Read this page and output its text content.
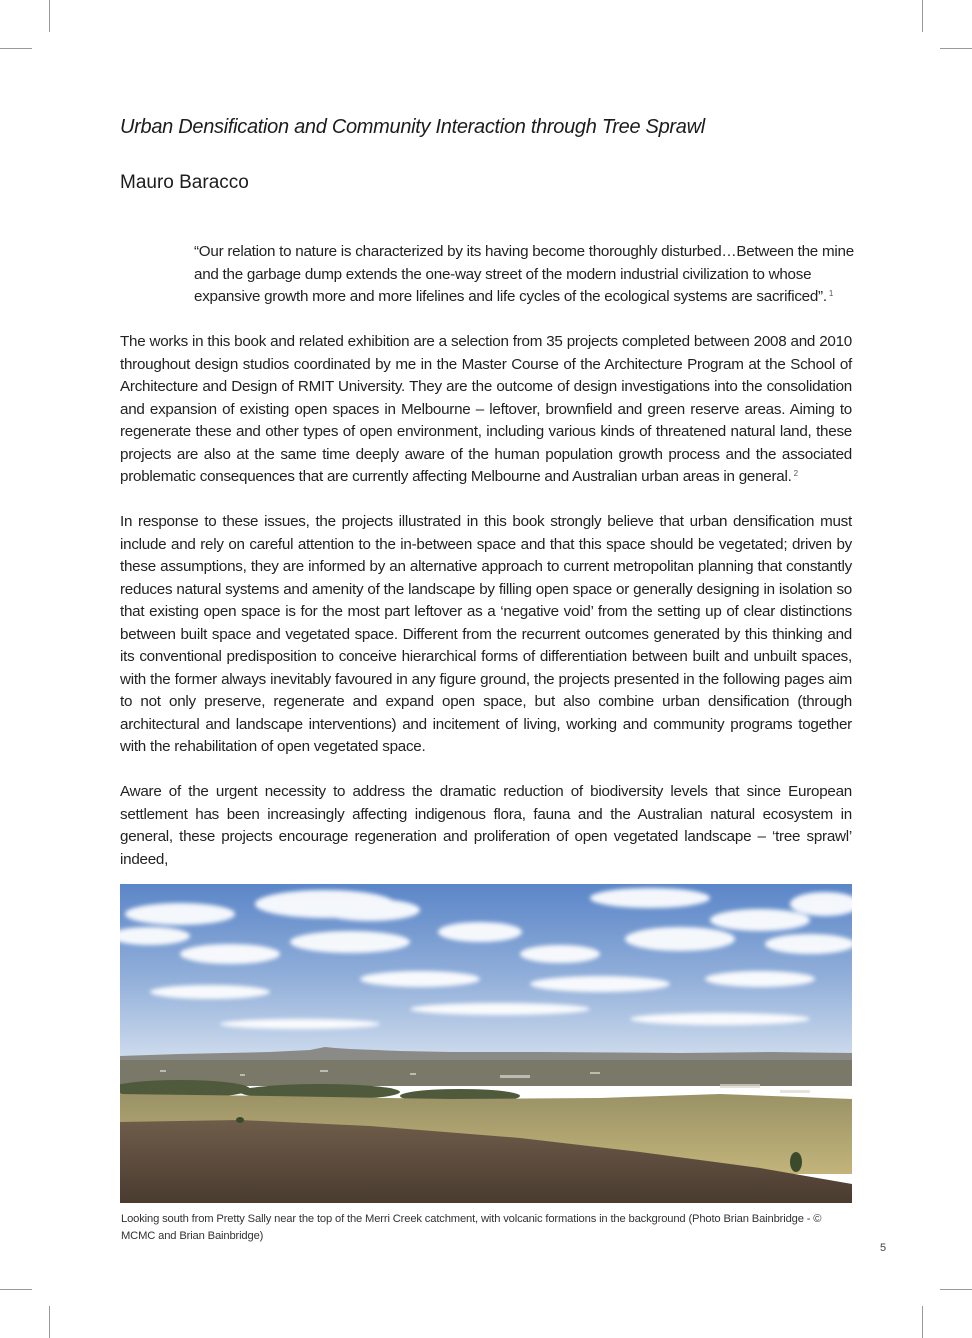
Urban Densification and Community Interaction through Tree Sprawl
Mauro Baracco

“Our relation to nature is characterized by its having become thoroughly disturbed…Between the mine and the garbage dump extends the one-way street of the modern industrial civilization to whose expansive growth more and more lifelines and life cycles of the ecological systems are sacrificed”. $^1$

The works in this book and related exhibition are a selection from 35 projects completed between 2008 and 2010 throughout design studios coordinated by me in the Master Course of the Architecture Program at the School of Architecture and Design of RMIT University. They are the outcome of design investigations into the consolidation and expansion of existing open spaces in Melbourne – leftover, brownfield and green reserve areas. Aiming to regenerate these and other types of open environment, including various kinds of threatened natural land, these projects are also at the same time deeply aware of the human population growth process and the associated problematic consequences that are currently affecting Melbourne and Australian urban areas in general. $^2$

In response to these issues, the projects illustrated in this book strongly believe that urban densification must include and rely on careful attention to the in-between space and that this space should be vegetated; driven by these assumptions, they are informed by an alternative approach to current metropolitan planning that constantly reduces natural systems and amenity of the landscape by filling open space or generally designing in isolation so that existing open space is for the most part leftover as a ‘negative void’ from the setting up of clear distinctions between built space and vegetated space. Different from the recurrent outcomes generated by this thinking and its conventional predisposition to conceive hierarchical forms of differentiation between built and unbuilt spaces, with the former always inevitably favoured in any figure ground, the projects presented in the following pages aim to not only preserve, regenerate and expand open space, but also combine urban densification (through architectural and landscape interventions) and incitement of living, working and community programs together with the rehabilitation of open vegetated space.

Aware of the urgent necessity to address the dramatic reduction of biodiversity levels that since European settlement has been increasingly affecting indigenous flora, fauna and the Australian natural ecosystem in general, these projects encourage regeneration and proliferation of open vegetated landscape – ‘tree sprawl’ indeed,

Looking south from Pretty Sally near the top of the Merri Creek catchment, with volcanic formations in the background (Photo Brian Bainbridge - © MCMC and Brian Bainbridge)

5
